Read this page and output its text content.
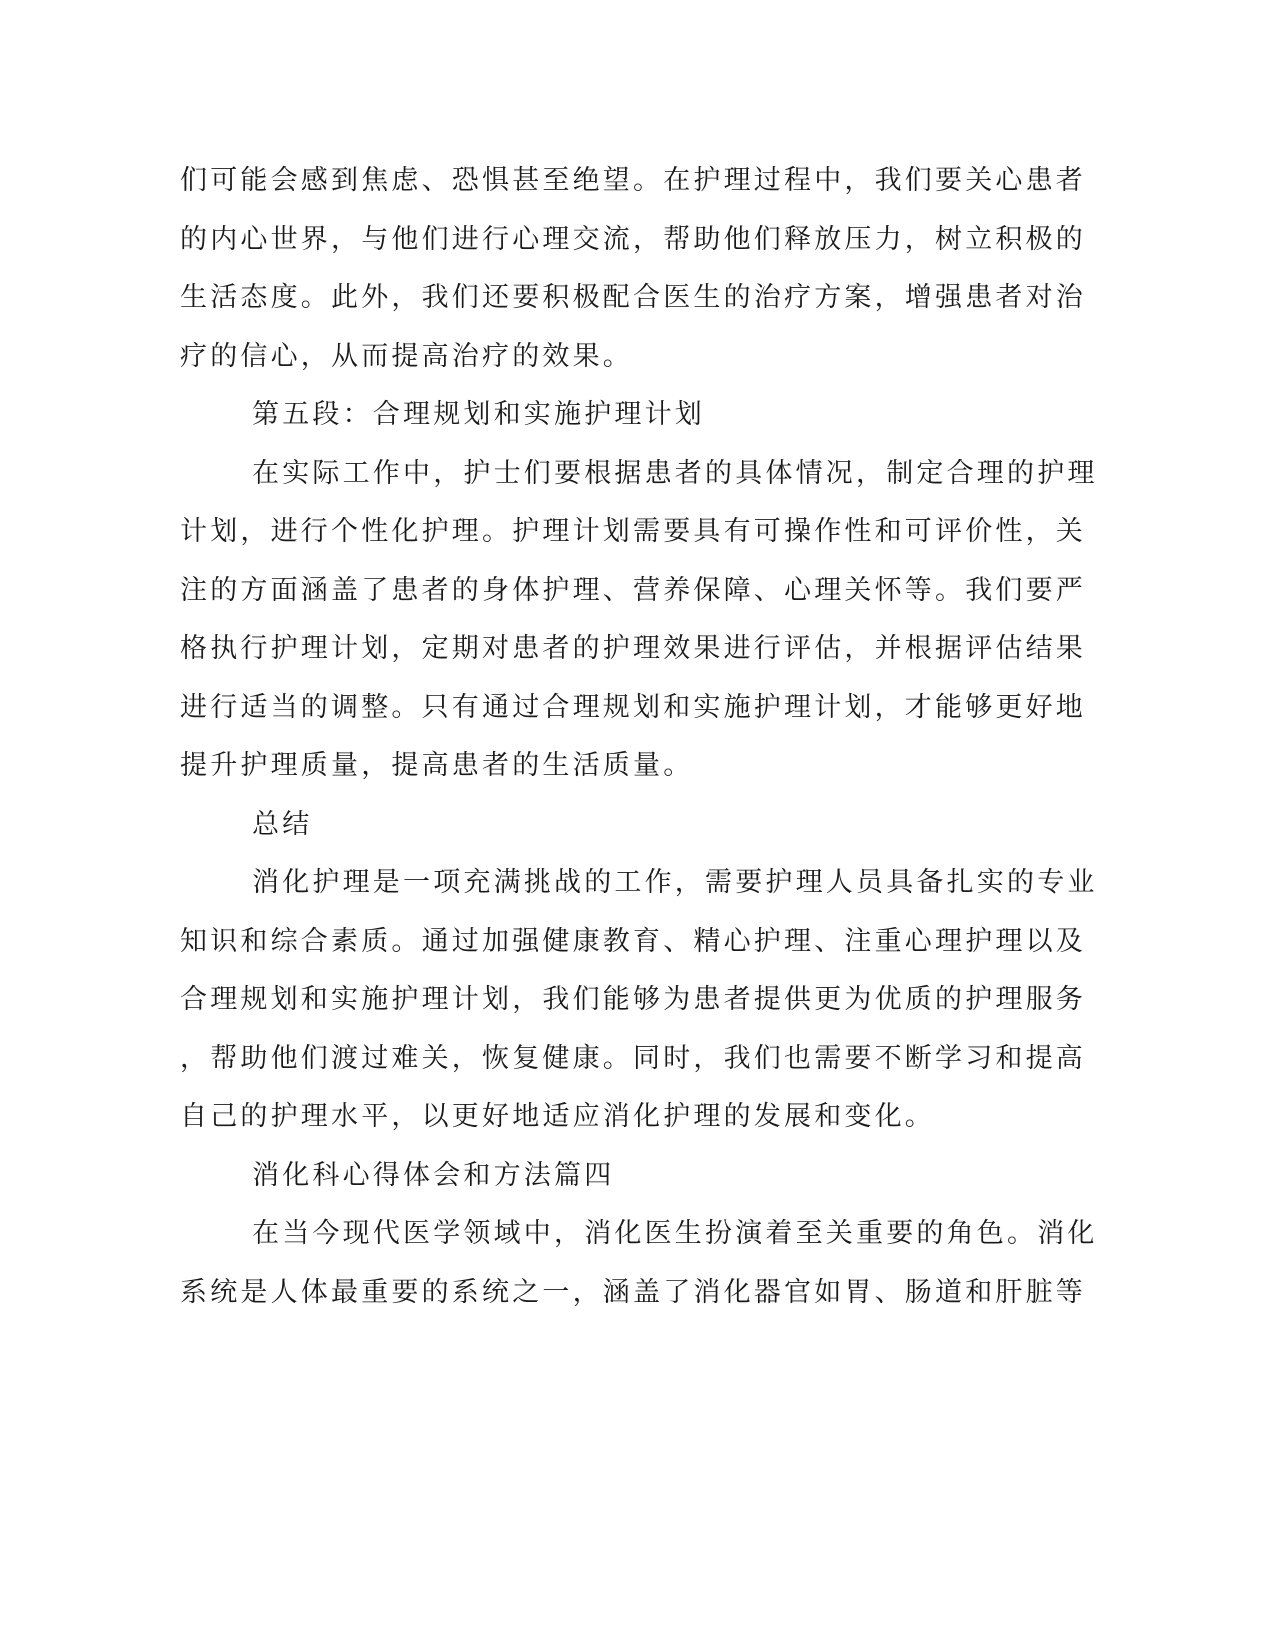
们可能会感到焦虑、恐惧甚至绝望。在护理过程中，我们要关心患者
的内心世界，与他们进行心理交流，帮助他们释放压力，树立积极的
生活态度。此外，我们还要积极配合医生的治疗方案，增强患者对治
疗的信心，从而提高治疗的效果。
第五段：合理规划和实施护理计划
在实际工作中，护士们要根据患者的具体情况，制定合理的护理
计划，进行个性化护理。护理计划需要具有可操作性和可评价性，关
注的方面涵盖了患者的身体护理、营养保障、心理关怀等。我们要严
格执行护理计划，定期对患者的护理效果进行评估，并根据评估结果
进行适当的调整。只有通过合理规划和实施护理计划，才能够更好地
提升护理质量，提高患者的生活质量。
总结
消化护理是一项充满挑战的工作，需要护理人员具备扎实的专业
知识和综合素质。通过加强健康教育、精心护理、注重心理护理以及
合理规划和实施护理计划，我们能够为患者提供更为优质的护理服务
，帮助他们渡过难关，恢复健康。同时，我们也需要不断学习和提高
自己的护理水平，以更好地适应消化护理的发展和变化。
消化科心得体会和方法篇四
在当今现代医学领域中，消化医生扮演着至关重要的角色。消化
系统是人体最重要的系统之一，涵盖了消化器官如胃、肠道和肝脏等
